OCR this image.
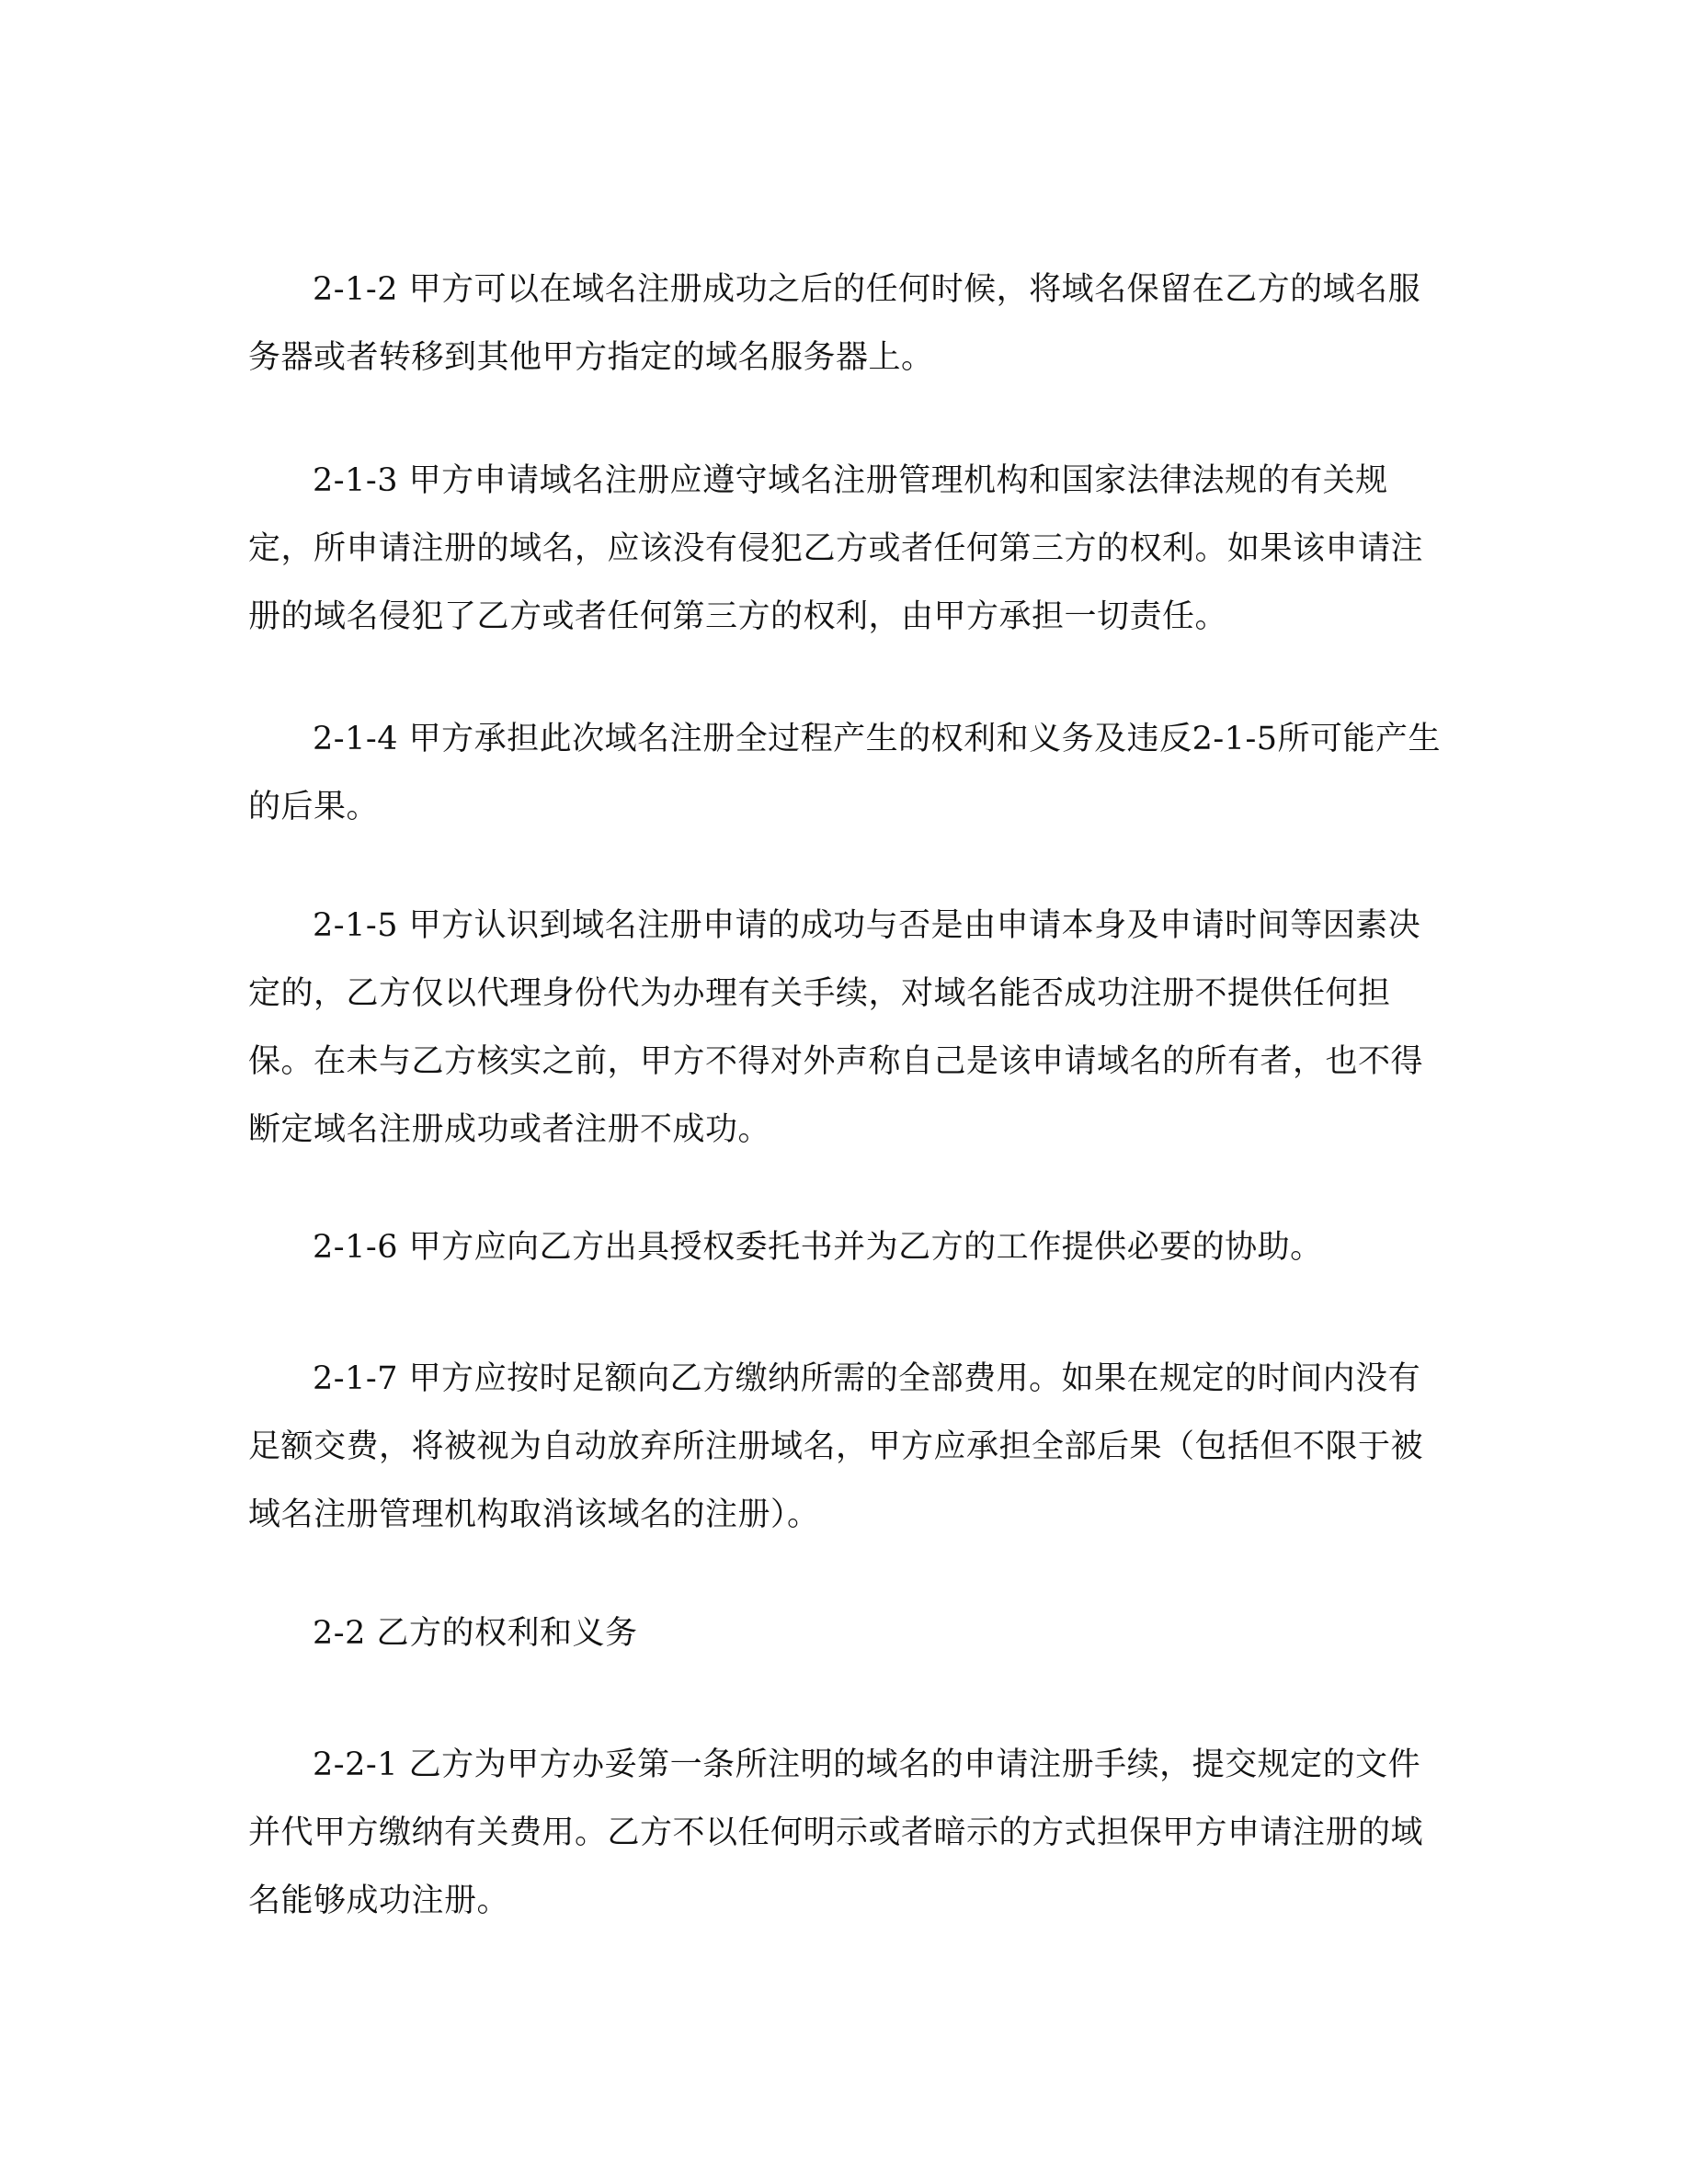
2-1-2 甲方可以在域名注册成功之后的任何时候，将域名保留在乙方的域名服务器或者转移到其他甲方指定的域名服务器上。

2-1-3 甲方申请域名注册应遵守域名注册管理机构和国家法律法规的有关规定，所申请注册的域名，应该没有侵犯乙方或者任何第三方的权利。如果该申请注册的域名侵犯了乙方或者任何第三方的权利，由甲方承担一切责任。

2-1-4 甲方承担此次域名注册全过程产生的权利和义务及违反2-1-5所可能产生的后果。

2-1-5 甲方认识到域名注册申请的成功与否是由申请本身及申请时间等因素决定的，乙方仅以代理身份代为办理有关手续，对域名能否成功注册不提供任何担保。在未与乙方核实之前，甲方不得对外声称自己是该申请域名的所有者，也不得断定域名注册成功或者注册不成功。

2-1-6 甲方应向乙方出具授权委托书并为乙方的工作提供必要的协助。

2-1-7 甲方应按时足额向乙方缴纳所需的全部费用。如果在规定的时间内没有足额交费，将被视为自动放弃所注册域名，甲方应承担全部后果（包括但不限于被域名注册管理机构取消该域名的注册）。

2-2 乙方的权利和义务

2-2-1 乙方为甲方办妥第一条所注明的域名的申请注册手续，提交规定的文件并代甲方缴纳有关费用。乙方不以任何明示或者暗示的方式担保甲方申请注册的域名能够成功注册。
